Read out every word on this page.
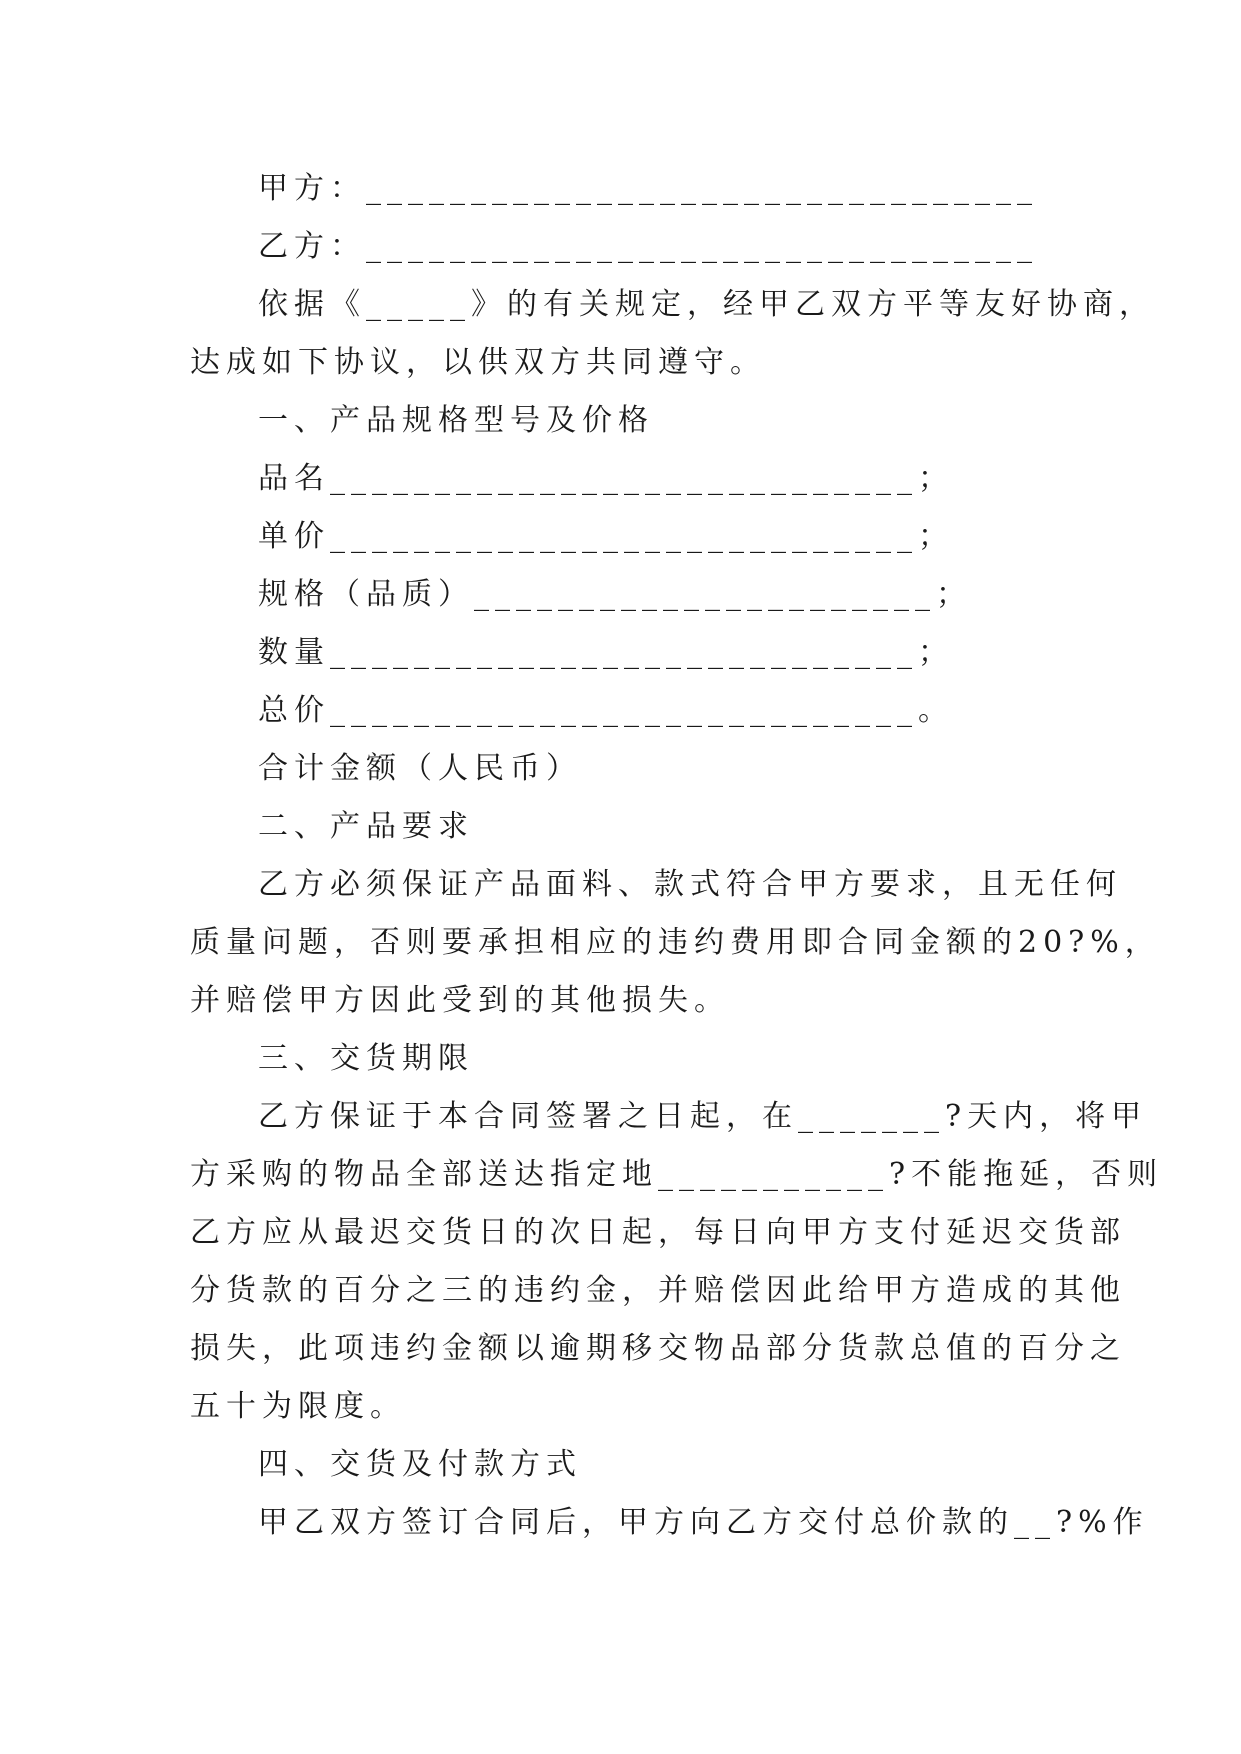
甲方：________________________________
乙方：________________________________
依据《_____》的有关规定，经甲乙双方平等友好协商，
达成如下协议，以供双方共同遵守。
一、产品规格型号及价格
品名____________________________；
单价____________________________；
规格（品质）______________________；
数量____________________________；
总价____________________________。
合计金额（人民币）
二、产品要求
乙方必须保证产品面料、款式符合甲方要求，且无任何
质量问题，否则要承担相应的违约费用即合同金额的20?%，
并赔偿甲方因此受到的其他损失。
三、交货期限
乙方保证于本合同签署之日起，在_______?天内，将甲
方采购的物品全部送达指定地___________?不能拖延，否则
乙方应从最迟交货日的次日起，每日向甲方支付延迟交货部
分货款的百分之三的违约金，并赔偿因此给甲方造成的其他
损失，此项违约金额以逾期移交物品部分货款总值的百分之
五十为限度。
四、交货及付款方式
甲乙双方签订合同后，甲方向乙方交付总价款的__?%作
